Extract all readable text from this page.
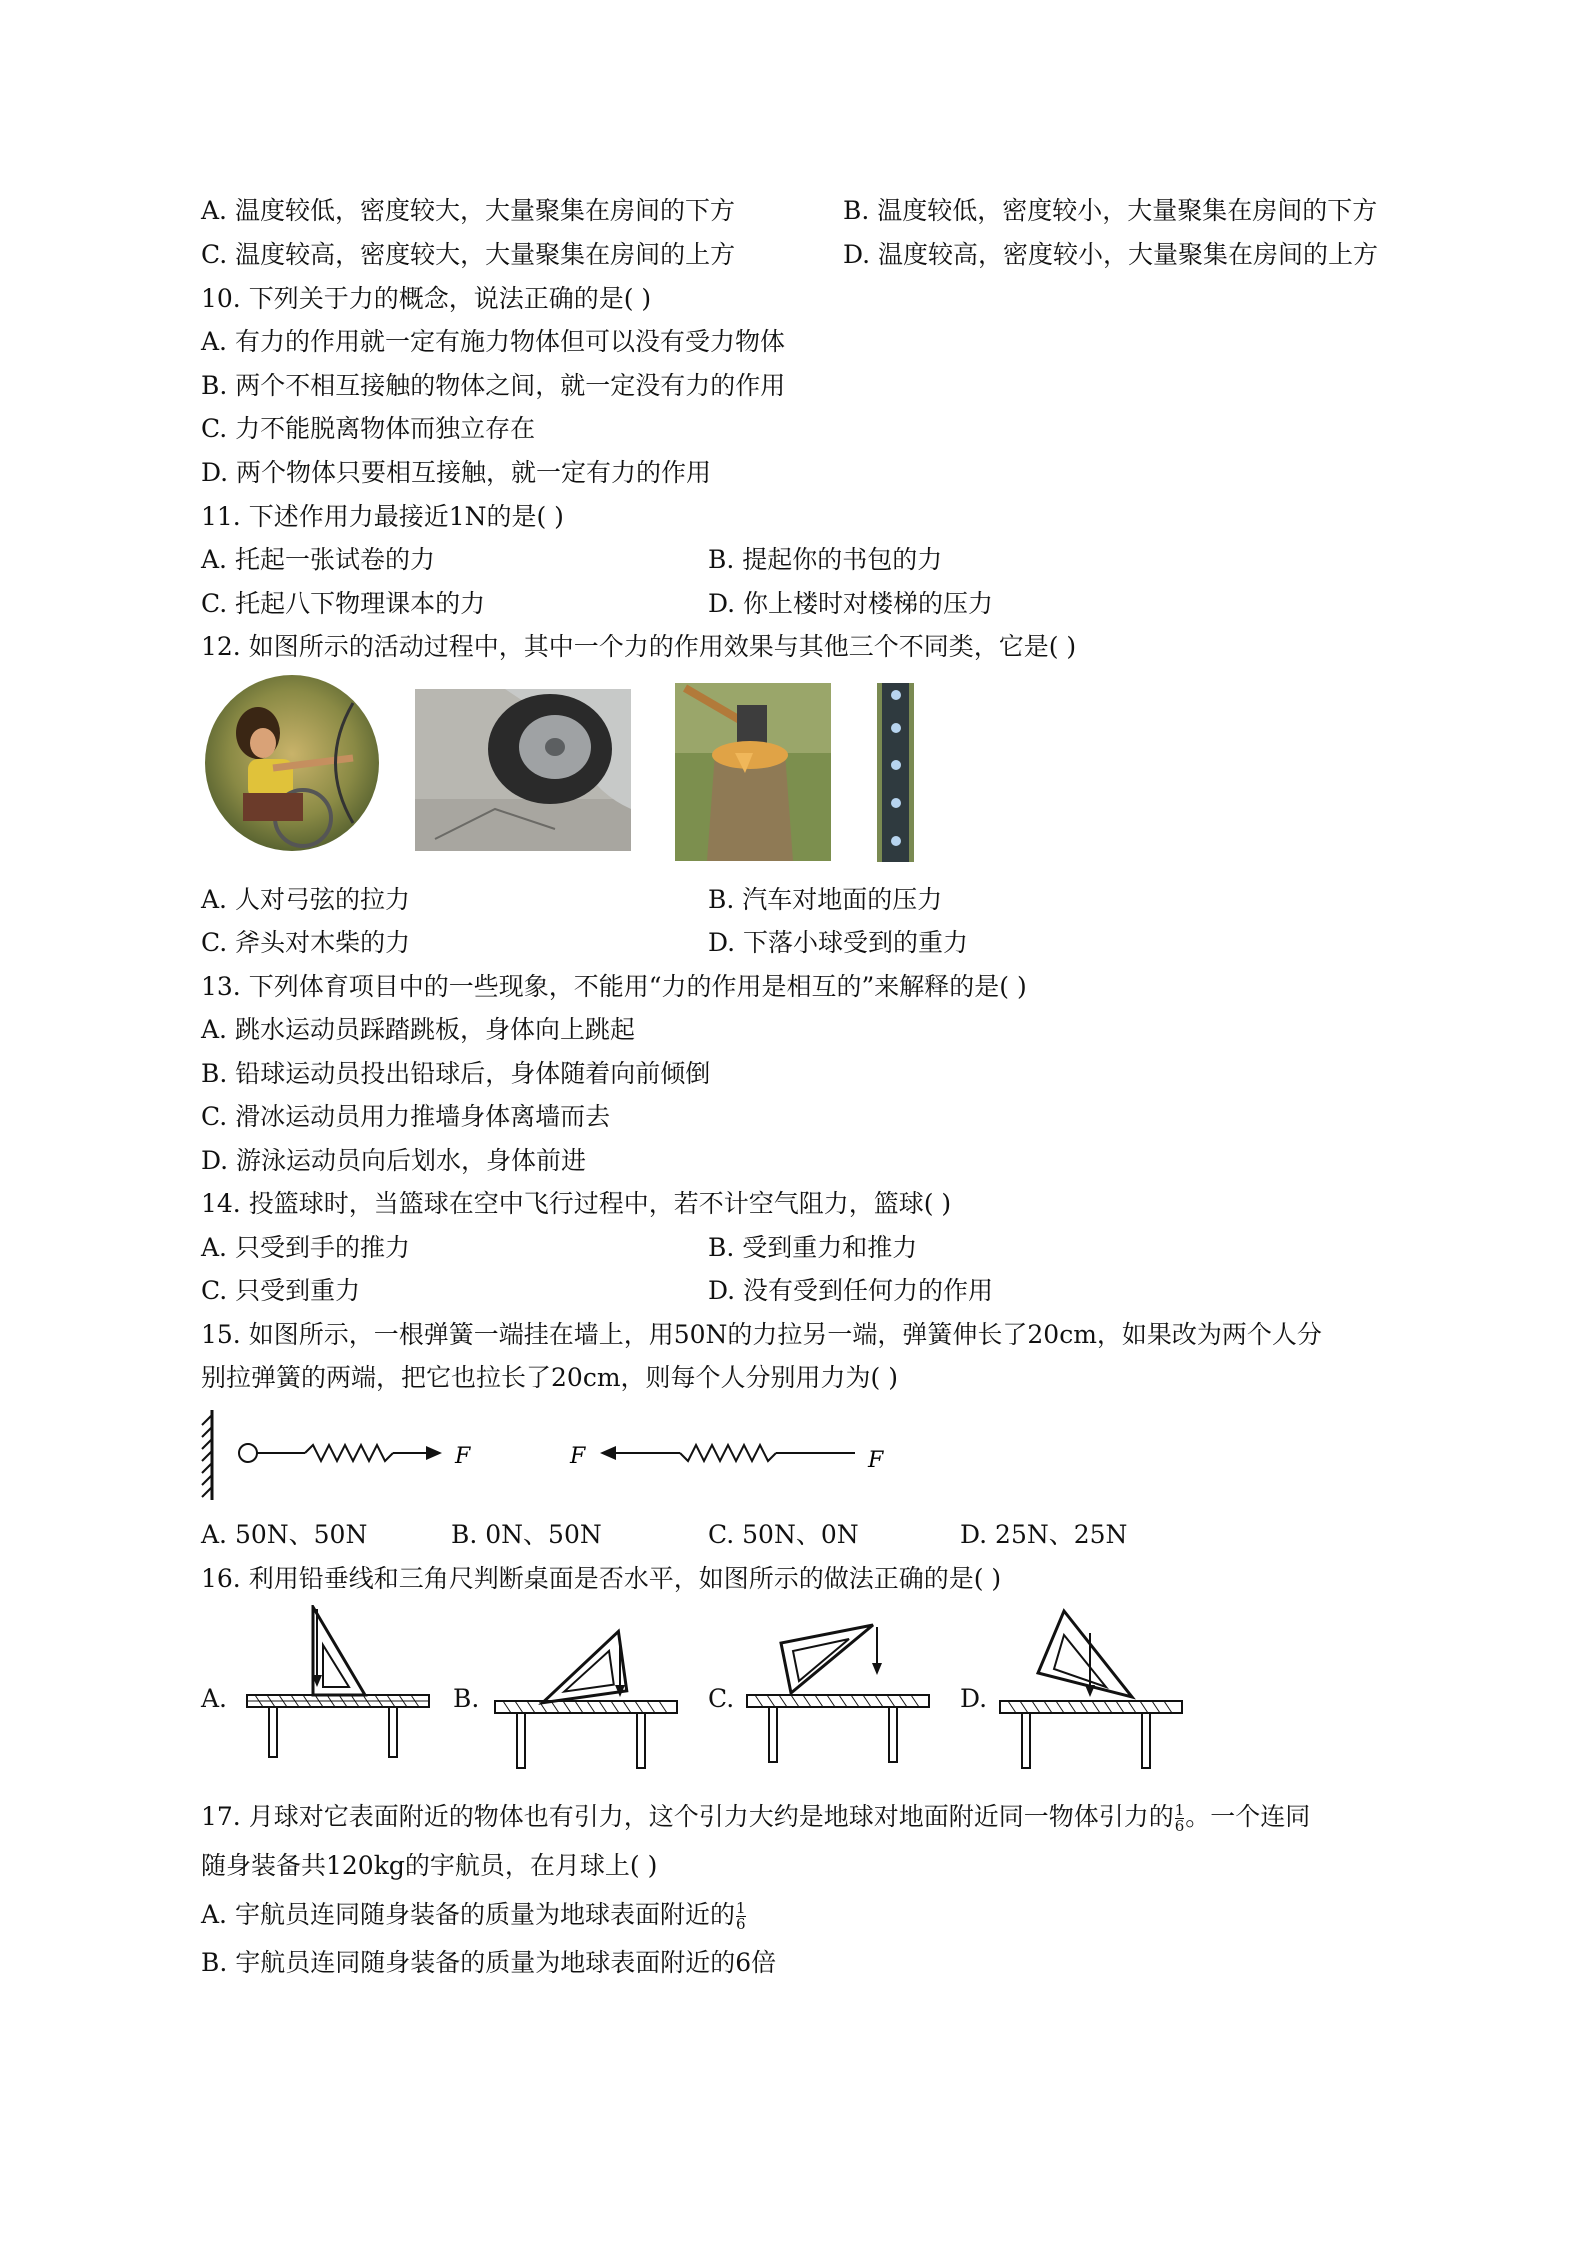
A. 温度较低，密度较大，大量聚集在房间的下方	B. 温度较低，密度较小，大量聚集在房间的下方
C. 温度较高，密度较大，大量聚集在房间的上方	D. 温度较高，密度较小，大量聚集在房间的上方
10. 下列关于力的概念，说法正确的是( )
A. 有力的作用就一定有施力物体但可以没有受力物体
B. 两个不相互接触的物体之间，就一定没有力的作用
C. 力不能脱离物体而独立存在
D. 两个物体只要相互接触，就一定有力的作用
11. 下述作用力最接近1N的是( )
A. 托起一张试卷的力	B. 提起你的书包的力
C. 托起八下物理课本的力	D. 你上楼时对楼梯的压力
12. 如图所示的活动过程中，其中一个力的作用效果与其他三个不同类，它是( )
A. 人对弓弦的拉力	B. 汽车对地面的压力
C. 斧头对木柴的力	D. 下落小球受到的重力
13. 下列体育项目中的一些现象，不能用“力的作用是相互的”来解释的是( )
A. 跳水运动员踩踏跳板，身体向上跳起
B. 铅球运动员投出铅球后，身体随着向前倾倒
C. 滑冰运动员用力推墙身体离墙而去
D. 游泳运动员向后划水，身体前进
14. 投篮球时，当篮球在空中飞行过程中，若不计空气阻力，篮球( )
A. 只受到手的推力	B. 受到重力和推力
C. 只受到重力	D. 没有受到任何力的作用
15. 如图所示，一根弹簧一端挂在墙上，用50N的力拉另一端，弹簧伸长了20cm，如果改为两个人分
别拉弹簧的两端，把它也拉长了20cm，则每个人分别用力为( )
F	F	F
A. 50N、50N	B. 0N、50N	C. 50N、0N	D. 25N、25N
16. 利用铅垂线和三角尺判断桌面是否水平，如图所示的做法正确的是( )
A.	B.	C.	D.
17. 月球对它表面附近的物体也有引力，这个引力大约是地球对地面附近同一物体引力的 $\frac{1}{6}$ 。一个连同
随身装备共120kg的宇航员，在月球上( )
A. 宇航员连同随身装备的质量为地球表面附近的 $\frac{1}{6}$
B. 宇航员连同随身装备的质量为地球表面附近的6倍
